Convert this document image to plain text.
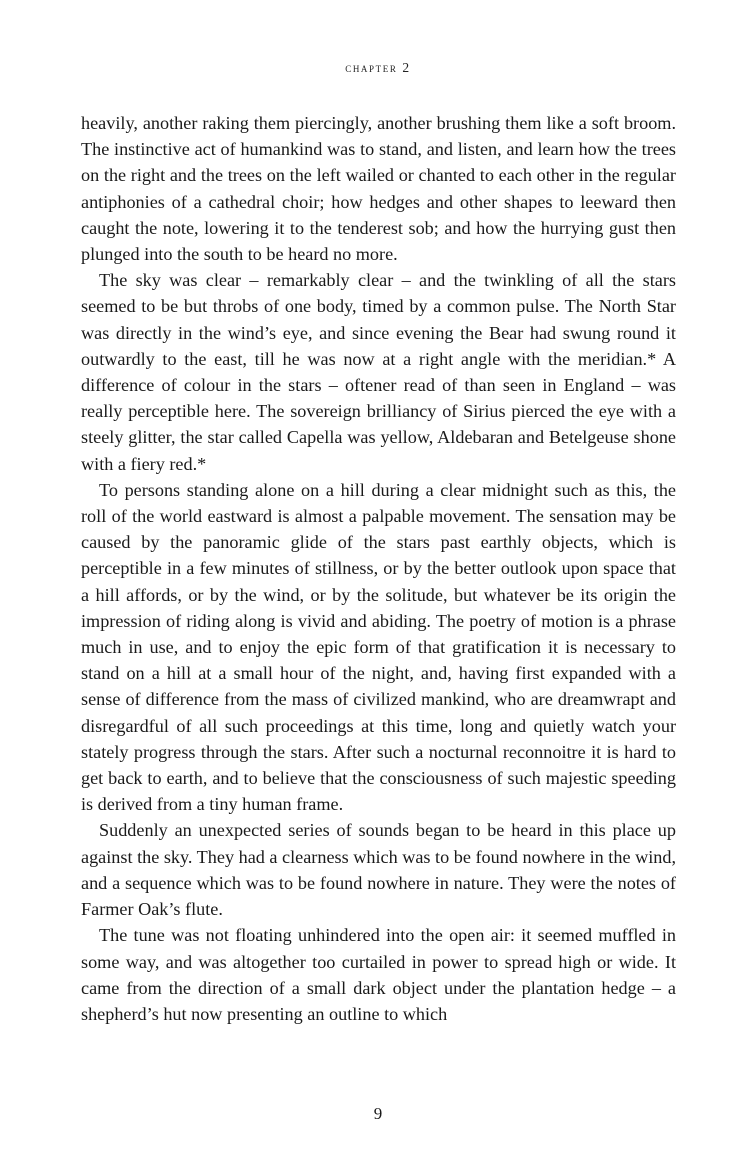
chapter 2

heavily, another raking them piercingly, another brushing them like a soft broom. The instinctive act of humankind was to stand, and listen, and learn how the trees on the right and the trees on the left wailed or chanted to each other in the regular antiphonies of a cathedral choir; how hedges and other shapes to leeward then caught the note, lowering it to the tenderest sob; and how the hurrying gust then plunged into the south to be heard no more.

The sky was clear – remarkably clear – and the twinkling of all the stars seemed to be but throbs of one body, timed by a common pulse. The North Star was directly in the wind’s eye, and since evening the Bear had swung round it outwardly to the east, till he was now at a right angle with the meridian.* A difference of colour in the stars – oftener read of than seen in England – was really perceptible here. The sovereign brilliancy of Sirius pierced the eye with a steely glitter, the star called Capella was yellow, Aldebaran and Betelgeuse shone with a fiery red.*

To persons standing alone on a hill during a clear midnight such as this, the roll of the world eastward is almost a palpable movement. The sensation may be caused by the panoramic glide of the stars past earthly objects, which is perceptible in a few minutes of stillness, or by the better outlook upon space that a hill affords, or by the wind, or by the solitude, but whatever be its origin the impression of riding along is vivid and abiding. The poetry of motion is a phrase much in use, and to enjoy the epic form of that gratification it is necessary to stand on a hill at a small hour of the night, and, having first expanded with a sense of difference from the mass of civilized mankind, who are dreamwrapt and disregardful of all such proceedings at this time, long and quietly watch your stately progress through the stars. After such a nocturnal reconnoitre it is hard to get back to earth, and to believe that the consciousness of such majestic speeding is derived from a tiny human frame.

Suddenly an unexpected series of sounds began to be heard in this place up against the sky. They had a clearness which was to be found nowhere in the wind, and a sequence which was to be found nowhere in nature. They were the notes of Farmer Oak’s flute.

The tune was not floating unhindered into the open air: it seemed muffled in some way, and was altogether too curtailed in power to spread high or wide. It came from the direction of a small dark object under the plantation hedge – a shepherd’s hut now presenting an outline to which

9
